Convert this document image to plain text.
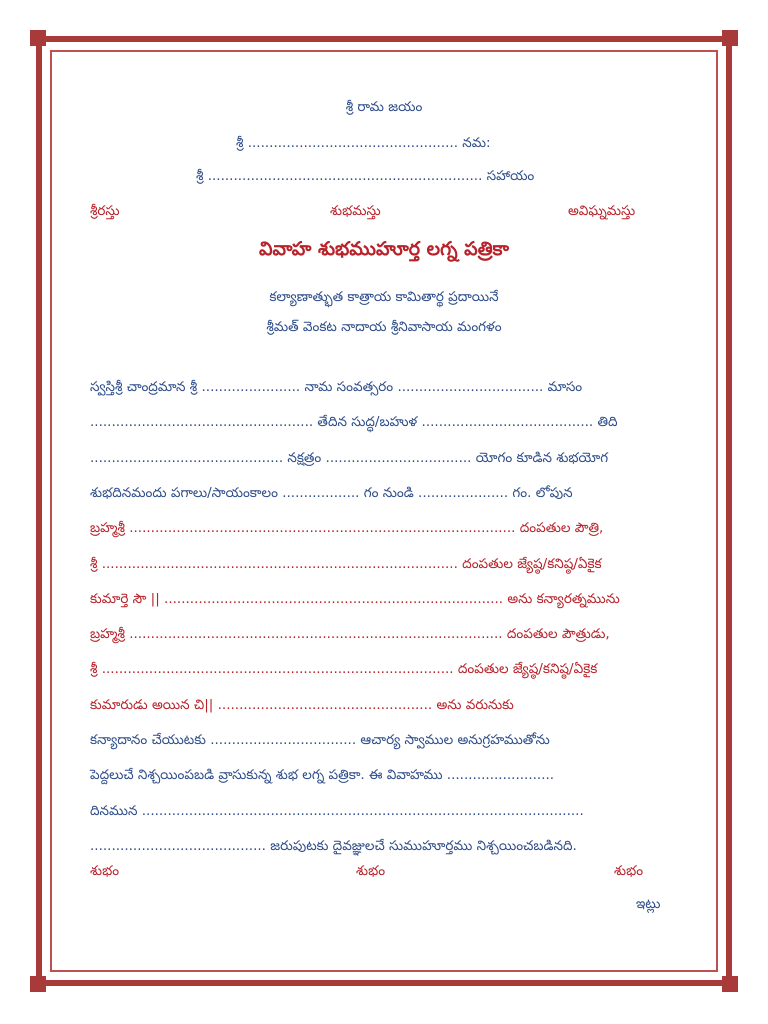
శ్రీ రామ జయం
శ్రీ ................................................. నమ:
శ్రీ ................................................................ సహాయం
శ్రీరస్తు	శుభమస్తు	అవిఘ్నమస్తు
వివాహ శుభముహూర్త లగ్న పత్రికా
కల్యాణాత్భుత కాత్రాయ కామితార్థ ప్రదాయినే
శ్రీమత్ వెంకట నాదాయ శ్రీనివాసాయ మంగళం
స్వస్తిశ్రీ చాంద్రమాన శ్రీ ....................... నామ సంవత్సరం .................................. మాసం
.................................................... తేదిన సుద్ధ/బహుళ ........................................ తిది
............................................. నక్షత్రం .................................. యోగం కూడిన శుభయోగ
శుభదినమందు పగాలు/సాయంకాలం .................. గం నుండి ..................... గం. లోపున
బ్రహ్మశ్రీ .......................................................................................... దంపతుల పౌత్రి,
శ్రీ ................................................................................... దంపతుల జ్యేష్ఠ/కనిష్ఠ/ఏకైక
కుమార్తె సౌ || ............................................................................... అను కన్యారత్నమును
బ్రహ్మశ్రీ ....................................................................................... దంపతుల పౌత్రుడు,
శ్రీ .................................................................................. దంపతుల జ్యేష్ఠ/కనిష్ఠ/ఏకైక
కుమారుడు అయిన చి|| .................................................. అను వరునుకు
కన్యాదానం చేయుటకు .................................. ఆచార్య స్వాముల అనుగ్రహముతోను
పెద్దలుచే నిశ్చయింపబడి వ్రాసుకున్న శుభ లగ్న పత్రికా. ఈ వివాహము .........................
దినమున .......................................................................................................
......................................... జరుపుటకు దైవజ్ఞులచే సుముహూర్తము నిశ్చయించబడినది.
శుభం	శుభం	శుభం
ఇట్లు
